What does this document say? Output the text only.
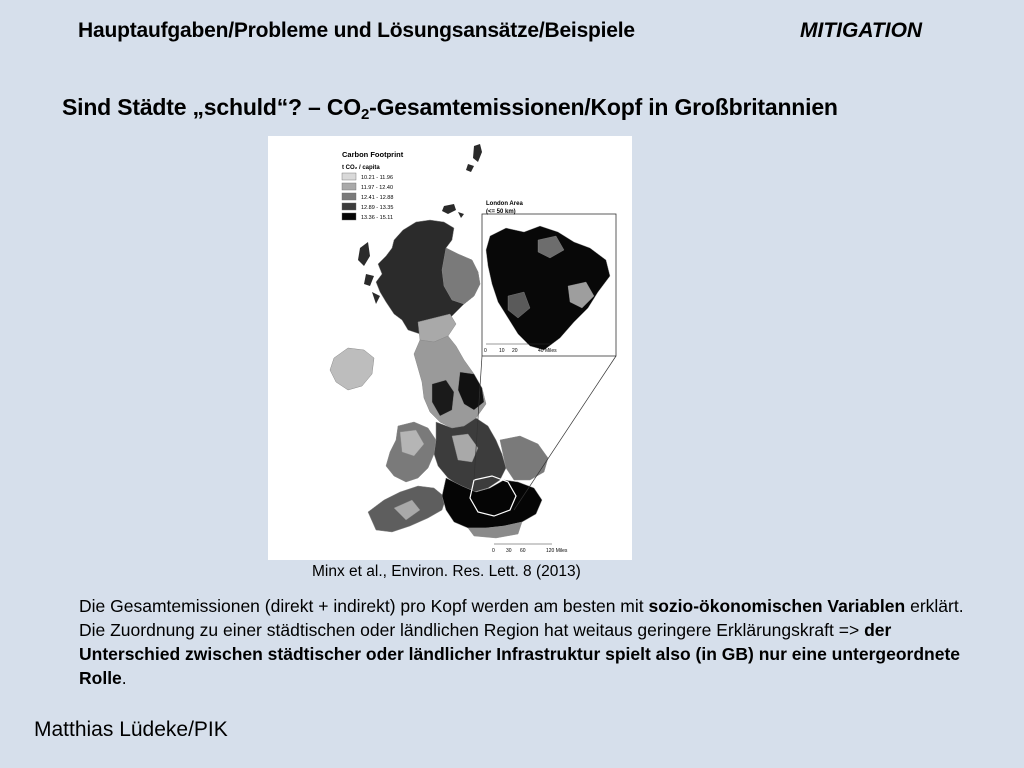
Hauptaufgaben/Probleme und Lösungsansätze/Beispiele	MITIGATION
Sind Städte „schuld“? – $CO_2-Gesamtemissionen$/Kopf in Großbritannien
Carbon Footprint
t CO₂ / capita
10.21 - 11.96
11.97 - 12.40
12.41 - 12.88
12.89 - 13.35
13.36 - 15.11
London Area
(<= 50 km)
0 10 20	40 Miles
0 30 60	120 Miles
Minx et al., Environ. Res. Lett. 8 (2013)
Die Gesamtemissionen (direkt + indirekt) pro Kopf werden am besten mit sozio-ökonomischen Variablen erklärt. Die Zuordnung zu einer städtischen oder ländlichen Region hat weitaus geringere Erklärungskraft => der Unterschied zwischen städtischer oder ländlicher Infrastruktur spielt also (in GB) nur eine untergeordnete Rolle.
Matthias Lüdeke/PIK
